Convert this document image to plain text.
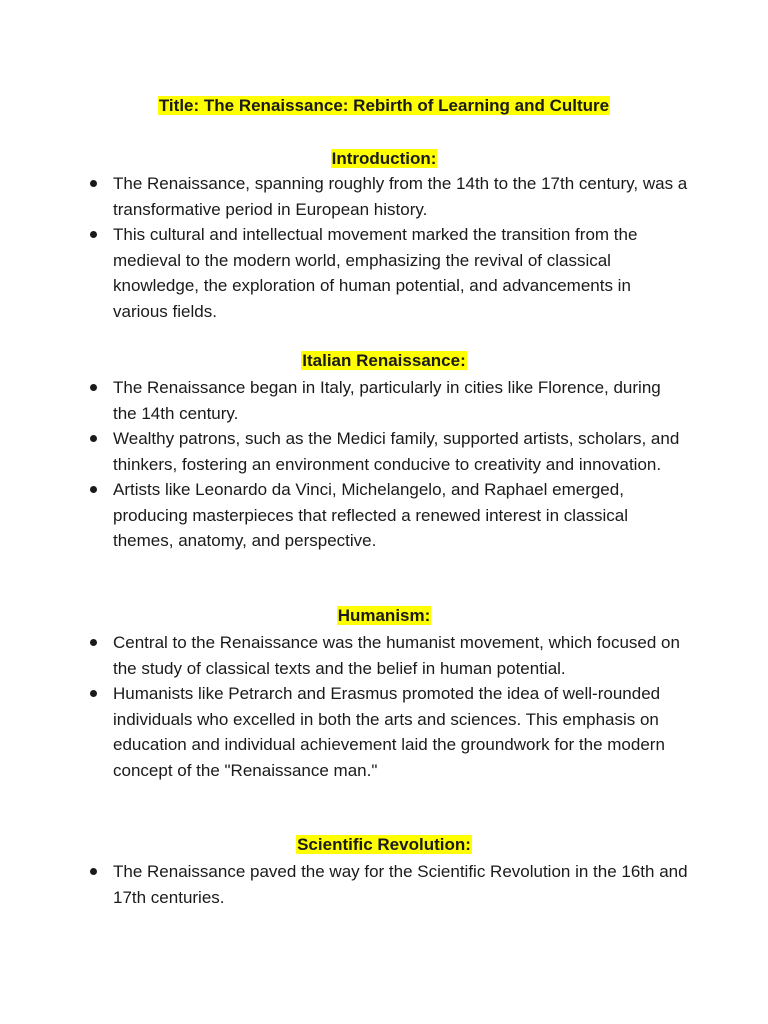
Title: The Renaissance: Rebirth of Learning and Culture
Introduction:
The Renaissance, spanning roughly from the 14th to the 17th century, was a transformative period in European history.
This cultural and intellectual movement marked the transition from the medieval to the modern world, emphasizing the revival of classical knowledge, the exploration of human potential, and advancements in various fields.
Italian Renaissance:
The Renaissance began in Italy, particularly in cities like Florence, during the 14th century.
Wealthy patrons, such as the Medici family, supported artists, scholars, and thinkers, fostering an environment conducive to creativity and innovation.
Artists like Leonardo da Vinci, Michelangelo, and Raphael emerged, producing masterpieces that reflected a renewed interest in classical themes, anatomy, and perspective.
Humanism:
Central to the Renaissance was the humanist movement, which focused on the study of classical texts and the belief in human potential.
Humanists like Petrarch and Erasmus promoted the idea of well-rounded individuals who excelled in both the arts and sciences. This emphasis on education and individual achievement laid the groundwork for the modern concept of the "Renaissance man."
Scientific Revolution:
The Renaissance paved the way for the Scientific Revolution in the 16th and 17th centuries.
